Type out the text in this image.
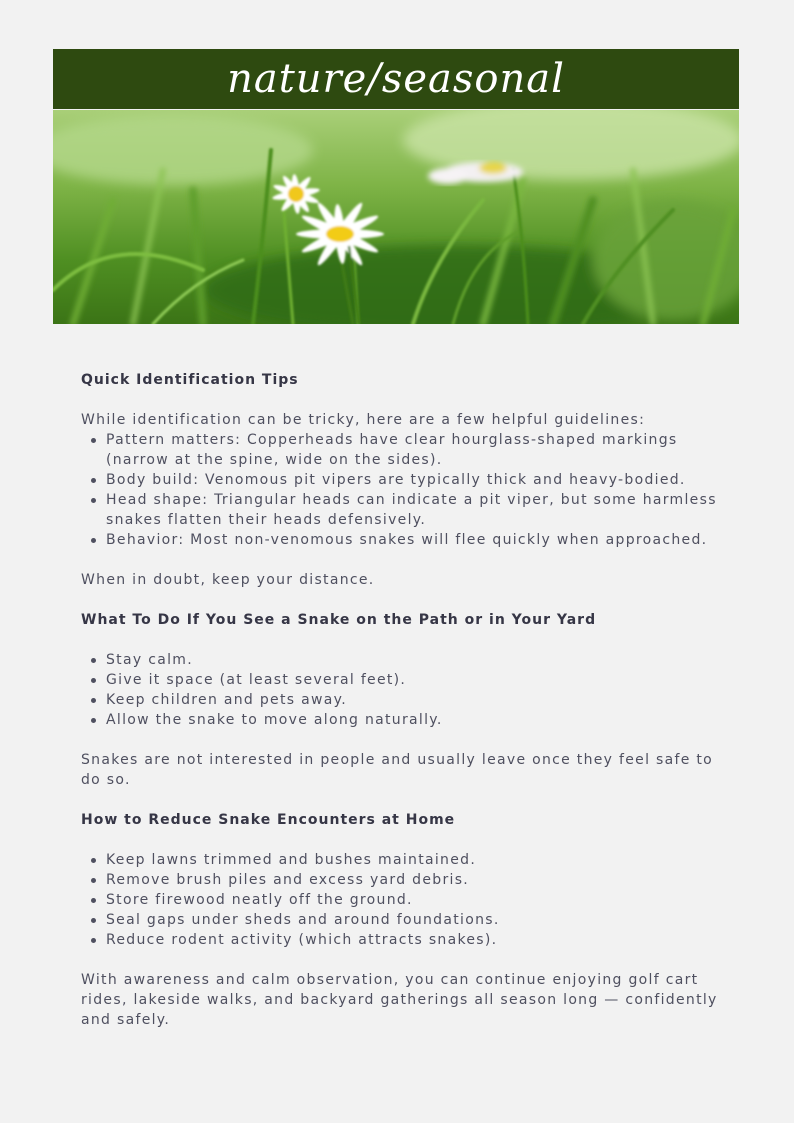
nature/seasonal

Quick Identification Tips

While identification can be tricky, here are a few helpful guidelines:

Pattern matters: Copperheads have clear hourglass-shaped markings (narrow at the spine, wide on the sides).
Body build: Venomous pit vipers are typically thick and heavy-bodied.
Head shape: Triangular heads can indicate a pit viper, but some harmless snakes flatten their heads defensively.
Behavior: Most non-venomous snakes will flee quickly when approached.

When in doubt, keep your distance.

What To Do If You See a Snake on the Path or in Your Yard

Stay calm.
Give it space (at least several feet).
Keep children and pets away.
Allow the snake to move along naturally.

Snakes are not interested in people and usually leave once they feel safe to do so.

How to Reduce Snake Encounters at Home

Keep lawns trimmed and bushes maintained.
Remove brush piles and excess yard debris.
Store firewood neatly off the ground.
Seal gaps under sheds and around foundations.
Reduce rodent activity (which attracts snakes).

With awareness and calm observation, you can continue enjoying golf cart rides, lakeside walks, and backyard gatherings all season long — confidently and safely.
